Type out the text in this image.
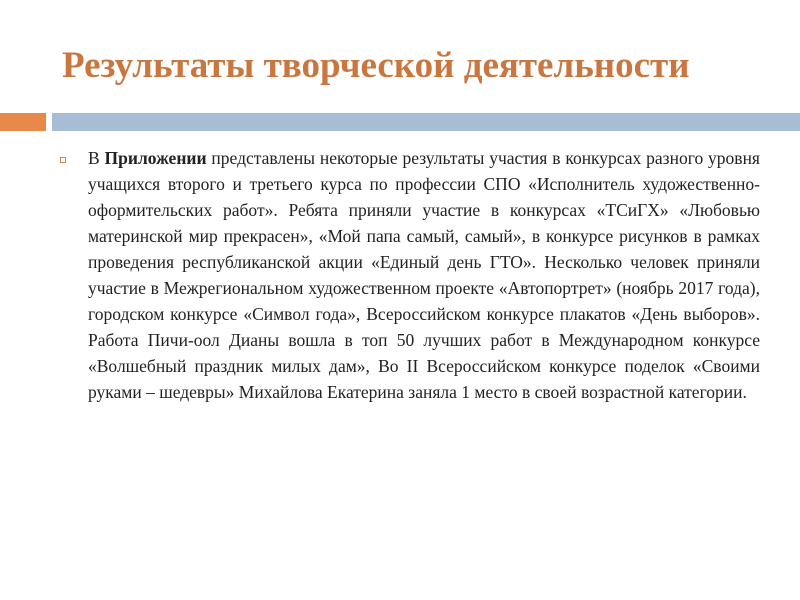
Результаты творческой деятельности

В Приложении представлены некоторые результаты участия в конкурсах разного уровня учащихся второго и третьего курса по профессии СПО «Исполнитель художественно-оформительских работ». Ребята приняли участие в конкурсах «ТСиГХ» «Любовью материнской мир прекрасен», «Мой папа самый, самый», в конкурсе рисунков в рамках проведения республиканской акции «Единый день ГТО». Несколько человек приняли участие в Межрегиональном художественном проекте «Автопортрет» (ноябрь 2017 года), городском конкурсе «Символ года», Всероссийском конкурсе плакатов «День выборов». Работа Пичи-оол Дианы вошла в топ 50 лучших работ в Международном конкурсе «Волшебный праздник милых дам», Во II Всероссийском конкурсе поделок «Своими руками – шедевры» Михайлова Екатерина заняла 1 место в своей возрастной категории.
